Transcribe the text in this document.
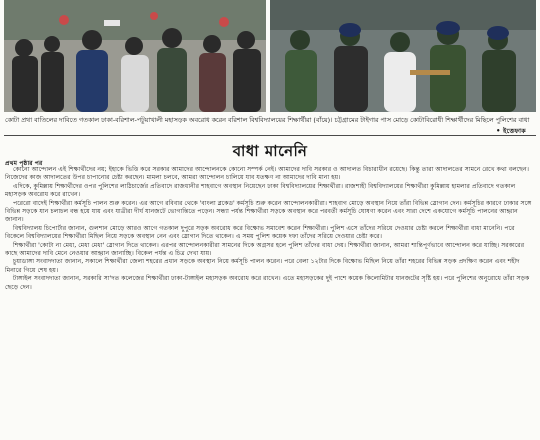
কোটা প্রথা বাতিলের দাবিতে গতকাল ঢাকা-বরিশাল-পটুয়াখালী মহাসড়ক অবরোধ করেন বরিশাল বিশ্ববিদ্যালয়ের শিক্ষার্থীরা (বাঁয়ে)। চট্টগ্রামের টাইগার পাস মোড়ে কোটাবিরোধী শিক্ষার্থীদের মিছিলে পুলিশের বাধা
• ইত্তেফাক
বাধা মানেনি
প্রথম পৃষ্ঠার পর

কোনো আন্দোলন এই শিক্ষার্থীদের নয়; ইহাকে ভিত্তি করে সরকার আমাদের আন্দোলনকে কোনো সম্পর্ক নেই। আমাদের দাবি সরকার ও আদালত বিচারাধীন রয়েছে। কিন্তু তারা আদালতের সামনে রেখে কথা বলছেন। নিজেদের কাজ আদালতের উপর চাপানোর চেষ্টা করছেন। মামলা চলবে, আমরা আন্দোলন চালিয়ে যাব যতক্ষণ না আমাদের দাবি মানা হয়।

এদিকে, কুমিল্লায় শিক্ষার্থীদের ওপর পুলিশের লাঠিচার্জের প্রতিবাদে রাজধানীর শাহবাগে অবস্থান নিয়েছেন ঢাকা বিশ্ববিদ্যালয়ের শিক্ষার্থীরা। রাজশাহী বিশ্ববিদ্যালয়ের শিক্ষার্থীরা কুমিল্লায় হামলার প্রতিবাদে গতকাল মহাসড়ক অবরোধ করে রাখেন।

পরেরো বাদেই শিক্ষার্থীরা কর্মসূচি পালন শুরু করেন। এর আগে রবিবার থেকে 'বাংলা ব্লকেড' কর্মসূচি শুরু করেন আন্দোলনকারীরা। শাহবাগ মোড়ে অবস্থান নিয়ে তাঁরা বিভিন্ন স্লোগান দেন। কর্মসূচির কারণে ঢাকার সঙ্গে বিভিন্ন সড়কে যান চলাচল বন্ধ হয়ে যায় এবং যাত্রীরা দীর্ঘ যানজটে ভোগান্তিতে পড়েন। সন্ধ্যা পর্যন্ত শিক্ষার্থীরা সড়কে অবস্থান করে পরবর্তী কর্মসূচি ঘোষণা করেন এবং সারা দেশে একযোগে কর্মসূচি পালনের আহ্বান জানান।

বিশ্ববিদ্যালয় চিপোর্টার জানান, গুলশান মোড়ে আরও আগে গতকাল দুপুরে সড়ক অবরোধ করে বিক্ষোভ সমাবেশ করেন শিক্ষার্থীরা। পুলিশ এসে তাঁদের সরিয়ে দেওয়ার চেষ্টা করলে শিক্ষার্থীরা বাধা মানেনি। পরে বিকেলে বিশ্ববিদ্যালয়ের শিক্ষার্থীরা মিছিল নিয়ে সড়কে অবস্থান নেন এবং স্লোগান দিতে থাকেন। এ সময় পুলিশ কয়েক দফা তাঁদের সরিয়ে দেওয়ার চেষ্টা করে।

শিক্ষার্থীরা 'কোটা না মেধা, মেধা মেধা' স্লোগান দিতে থাকেন। এরপর আন্দোলনকারীরা সামনের দিকে অগ্রসর হলে পুলিশ তাঁদের বাধা দেয়। শিক্ষার্থীরা জানান, আমরা শান্তিপূর্ণভাবে আন্দোলন করে যাচ্ছি। সরকারের কাছে আমাদের দাবি মেনে নেওয়ার আহ্বান জানাচ্ছি। বিকেল পর্যন্ত এ চিত্র দেখা যায়।

চুয়াডাঙ্গা সংবাদদাতা জানান, সকালে শিক্ষার্থীরা জেলা শহরের প্রধান সড়কে অবস্থান নিয়ে কর্মসূচি পালন করেন। পরে বেলা ১২টার দিকে বিক্ষোভ মিছিল নিয়ে তাঁরা শহরের বিভিন্ন সড়ক প্রদক্ষিণ করেন এবং শহীদ মিনারে গিয়ে শেষ হয়।

টাঙ্গাইল সংবাদদাতা জানান, সরকারি সা'দত কলেজের শিক্ষার্থীরা ঢাকা-টাঙ্গাইল মহাসড়ক অবরোধ করে রাখেন। এতে মহাসড়কের দুই পাশে কয়েক কিলোমিটার যানজটের সৃষ্টি হয়। পরে পুলিশের অনুরোধে তাঁরা সড়ক ছেড়ে দেন।
